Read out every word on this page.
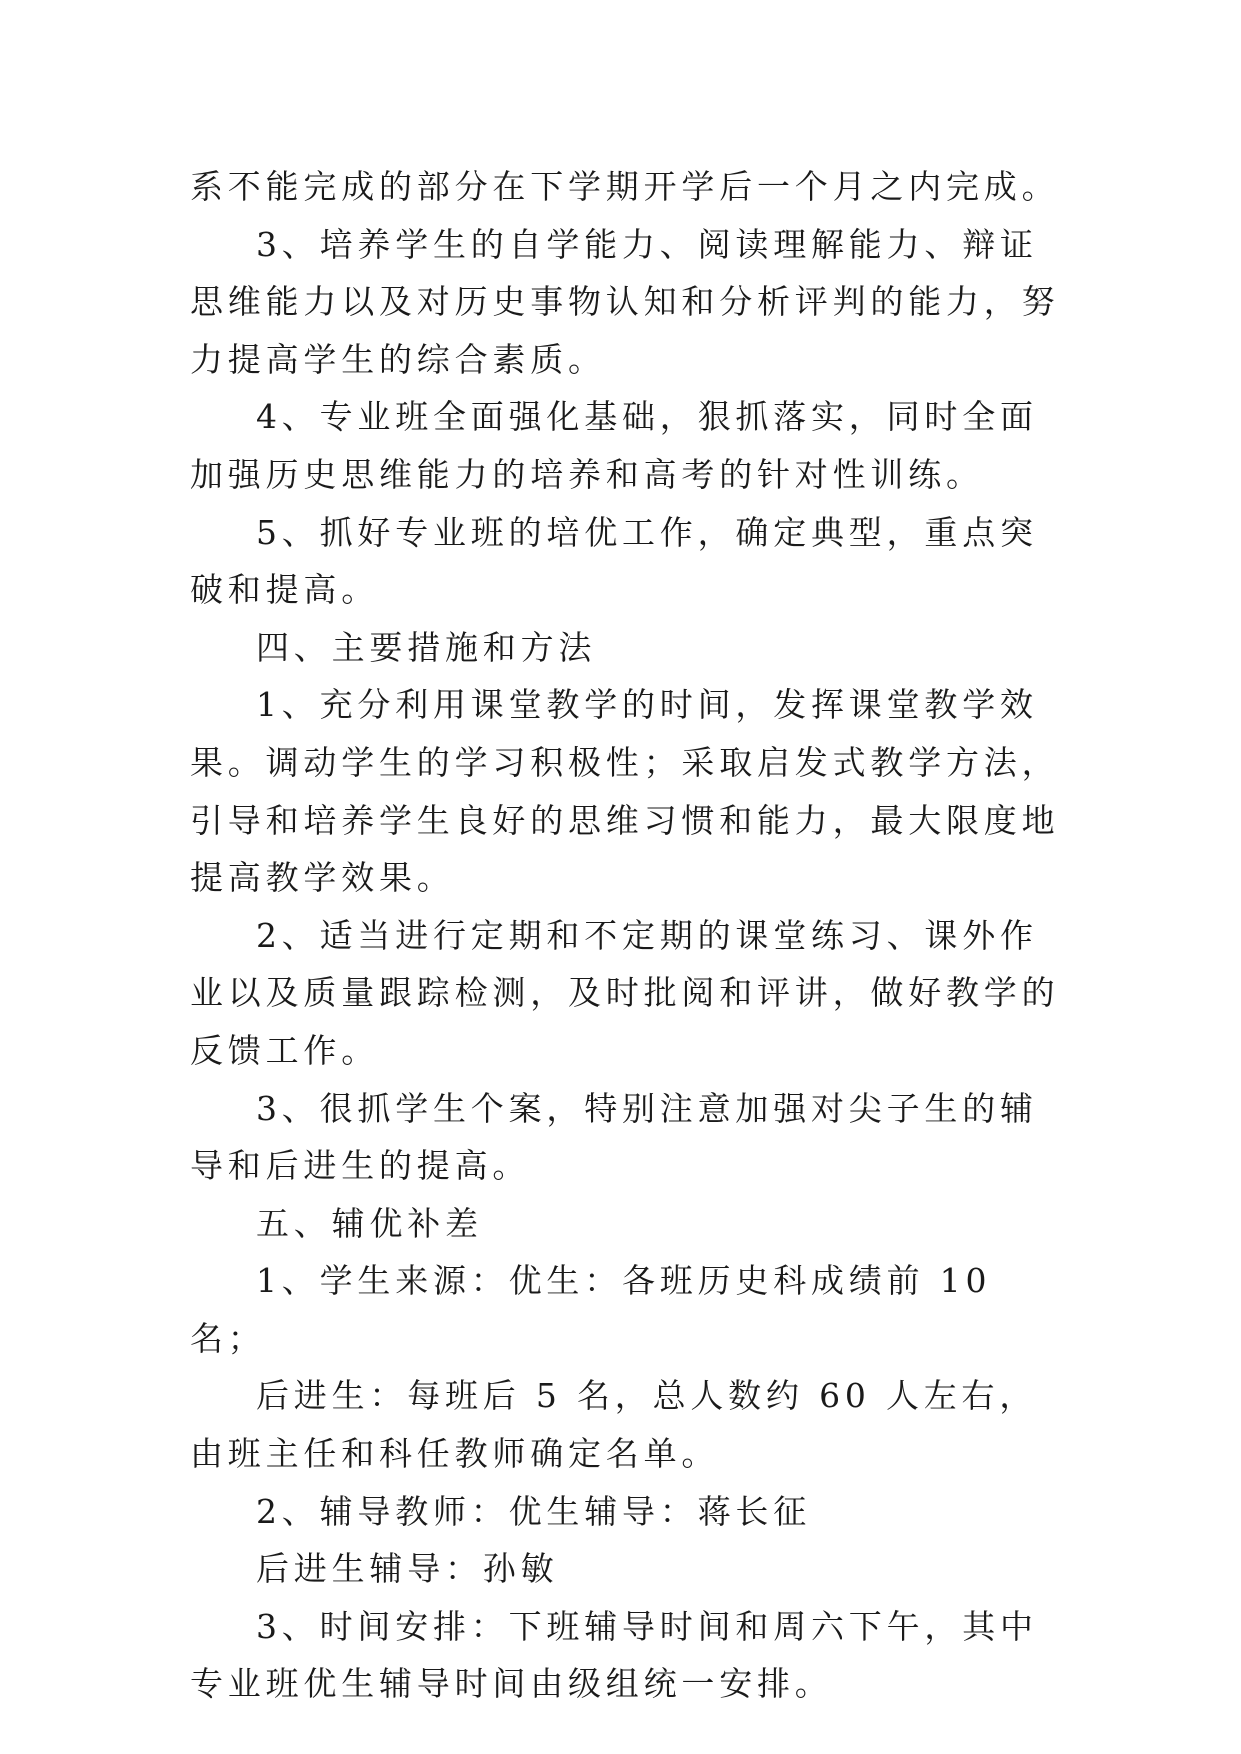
系不能完成的部分在下学期开学后一个月之内完成。

3、培养学生的自学能力、阅读理解能力、辩证思维能力以及对历史事物认知和分析评判的能力，努力提高学生的综合素质。

4、专业班全面强化基础，狠抓落实，同时全面加强历史思维能力的培养和高考的针对性训练。

5、抓好专业班的培优工作，确定典型，重点突破和提高。

四、主要措施和方法

1、充分利用课堂教学的时间，发挥课堂教学效果。调动学生的学习积极性；采取启发式教学方法，引导和培养学生良好的思维习惯和能力，最大限度地提高教学效果。

2、适当进行定期和不定期的课堂练习、课外作业以及质量跟踪检测，及时批阅和评讲，做好教学的反馈工作。

3、很抓学生个案，特别注意加强对尖子生的辅导和后进生的提高。

五、辅优补差

1、学生来源：优生：各班历史科成绩前 10 名；

后进生：每班后 5 名，总人数约 60 人左右，由班主任和科任教师确定名单。

2、辅导教师：优生辅导：蒋长征

后进生辅导：孙敏

3、时间安排：下班辅导时间和周六下午，其中专业班优生辅导时间由级组统一安排。
